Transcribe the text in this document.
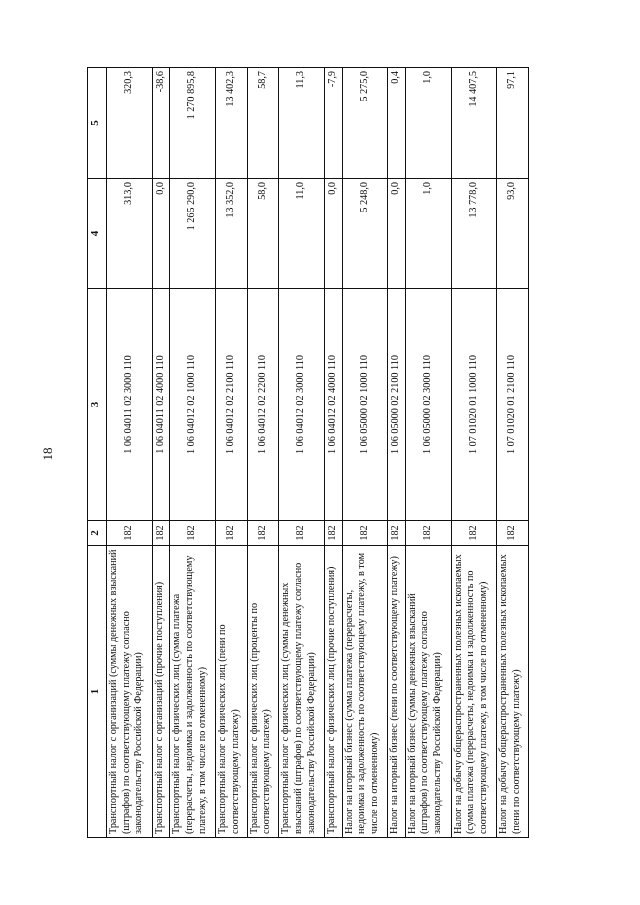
18
1	2	3	4	5
Транспортный налог с организаций (суммы денежных взысканий (штрафов) по соответствующему платежу согласно законодательству Российской Федерации)	182	1 06 04011 02 3000 110	313,0	320,3
Транспортный налог с организаций (прочие поступления)	182	1 06 04011 02 4000 110	0,0	-38,6
Транспортный налог с физических лиц (сумма платежа (перерасчеты, недоимка и задолженность по соответствующему платежу, в том числе по отмененному)	182	1 06 04012 02 1000 110	1 265 290,0	1 270 895,8
Транспортный налог с физических лиц (пени по соответствующему платежу)	182	1 06 04012 02 2100 110	13 352,0	13 402,3
Транспортный налог с физических лиц (проценты по соответствующему платежу)	182	1 06 04012 02 2200 110	58,0	58,7
Транспортный налог с физических лиц (суммы денежных взысканий (штрафов) по соответствующему платежу согласно законодательству Российской Федерации)	182	1 06 04012 02 3000 110	11,0	11,3
Транспортный налог с физических лиц (прочие поступления)	182	1 06 04012 02 4000 110	0,0	-7,9
Налог на игорный бизнес (сумма платежа (перерасчеты, недоимка и задолженность по соответствующему платежу, в том числе по отмененному)	182	1 06 05000 02 1000 110	5 248,0	5 275,0
Налог на игорный бизнес (пени по соответствующему платежу)	182	1 06 05000 02 2100 110	0,0	0,4
Налог на игорный бизнес (суммы денежных взысканий (штрафов) по соответствующему платежу согласно законодательству Российской Федерации)	182	1 06 05000 02 3000 110	1,0	1,0
Налог на добычу общераспространенных полезных ископаемых (сумма платежа (перерасчеты, недоимка и задолженность по соответствующему платежу, в том числе по отмененному)	182	1 07 01020 01 1000 110	13 778,0	14 407,5
Налог на добычу общераспространенных полезных ископаемых (пени по соответствующему платежу)	182	1 07 01020 01 2100 110	93,0	97,1
